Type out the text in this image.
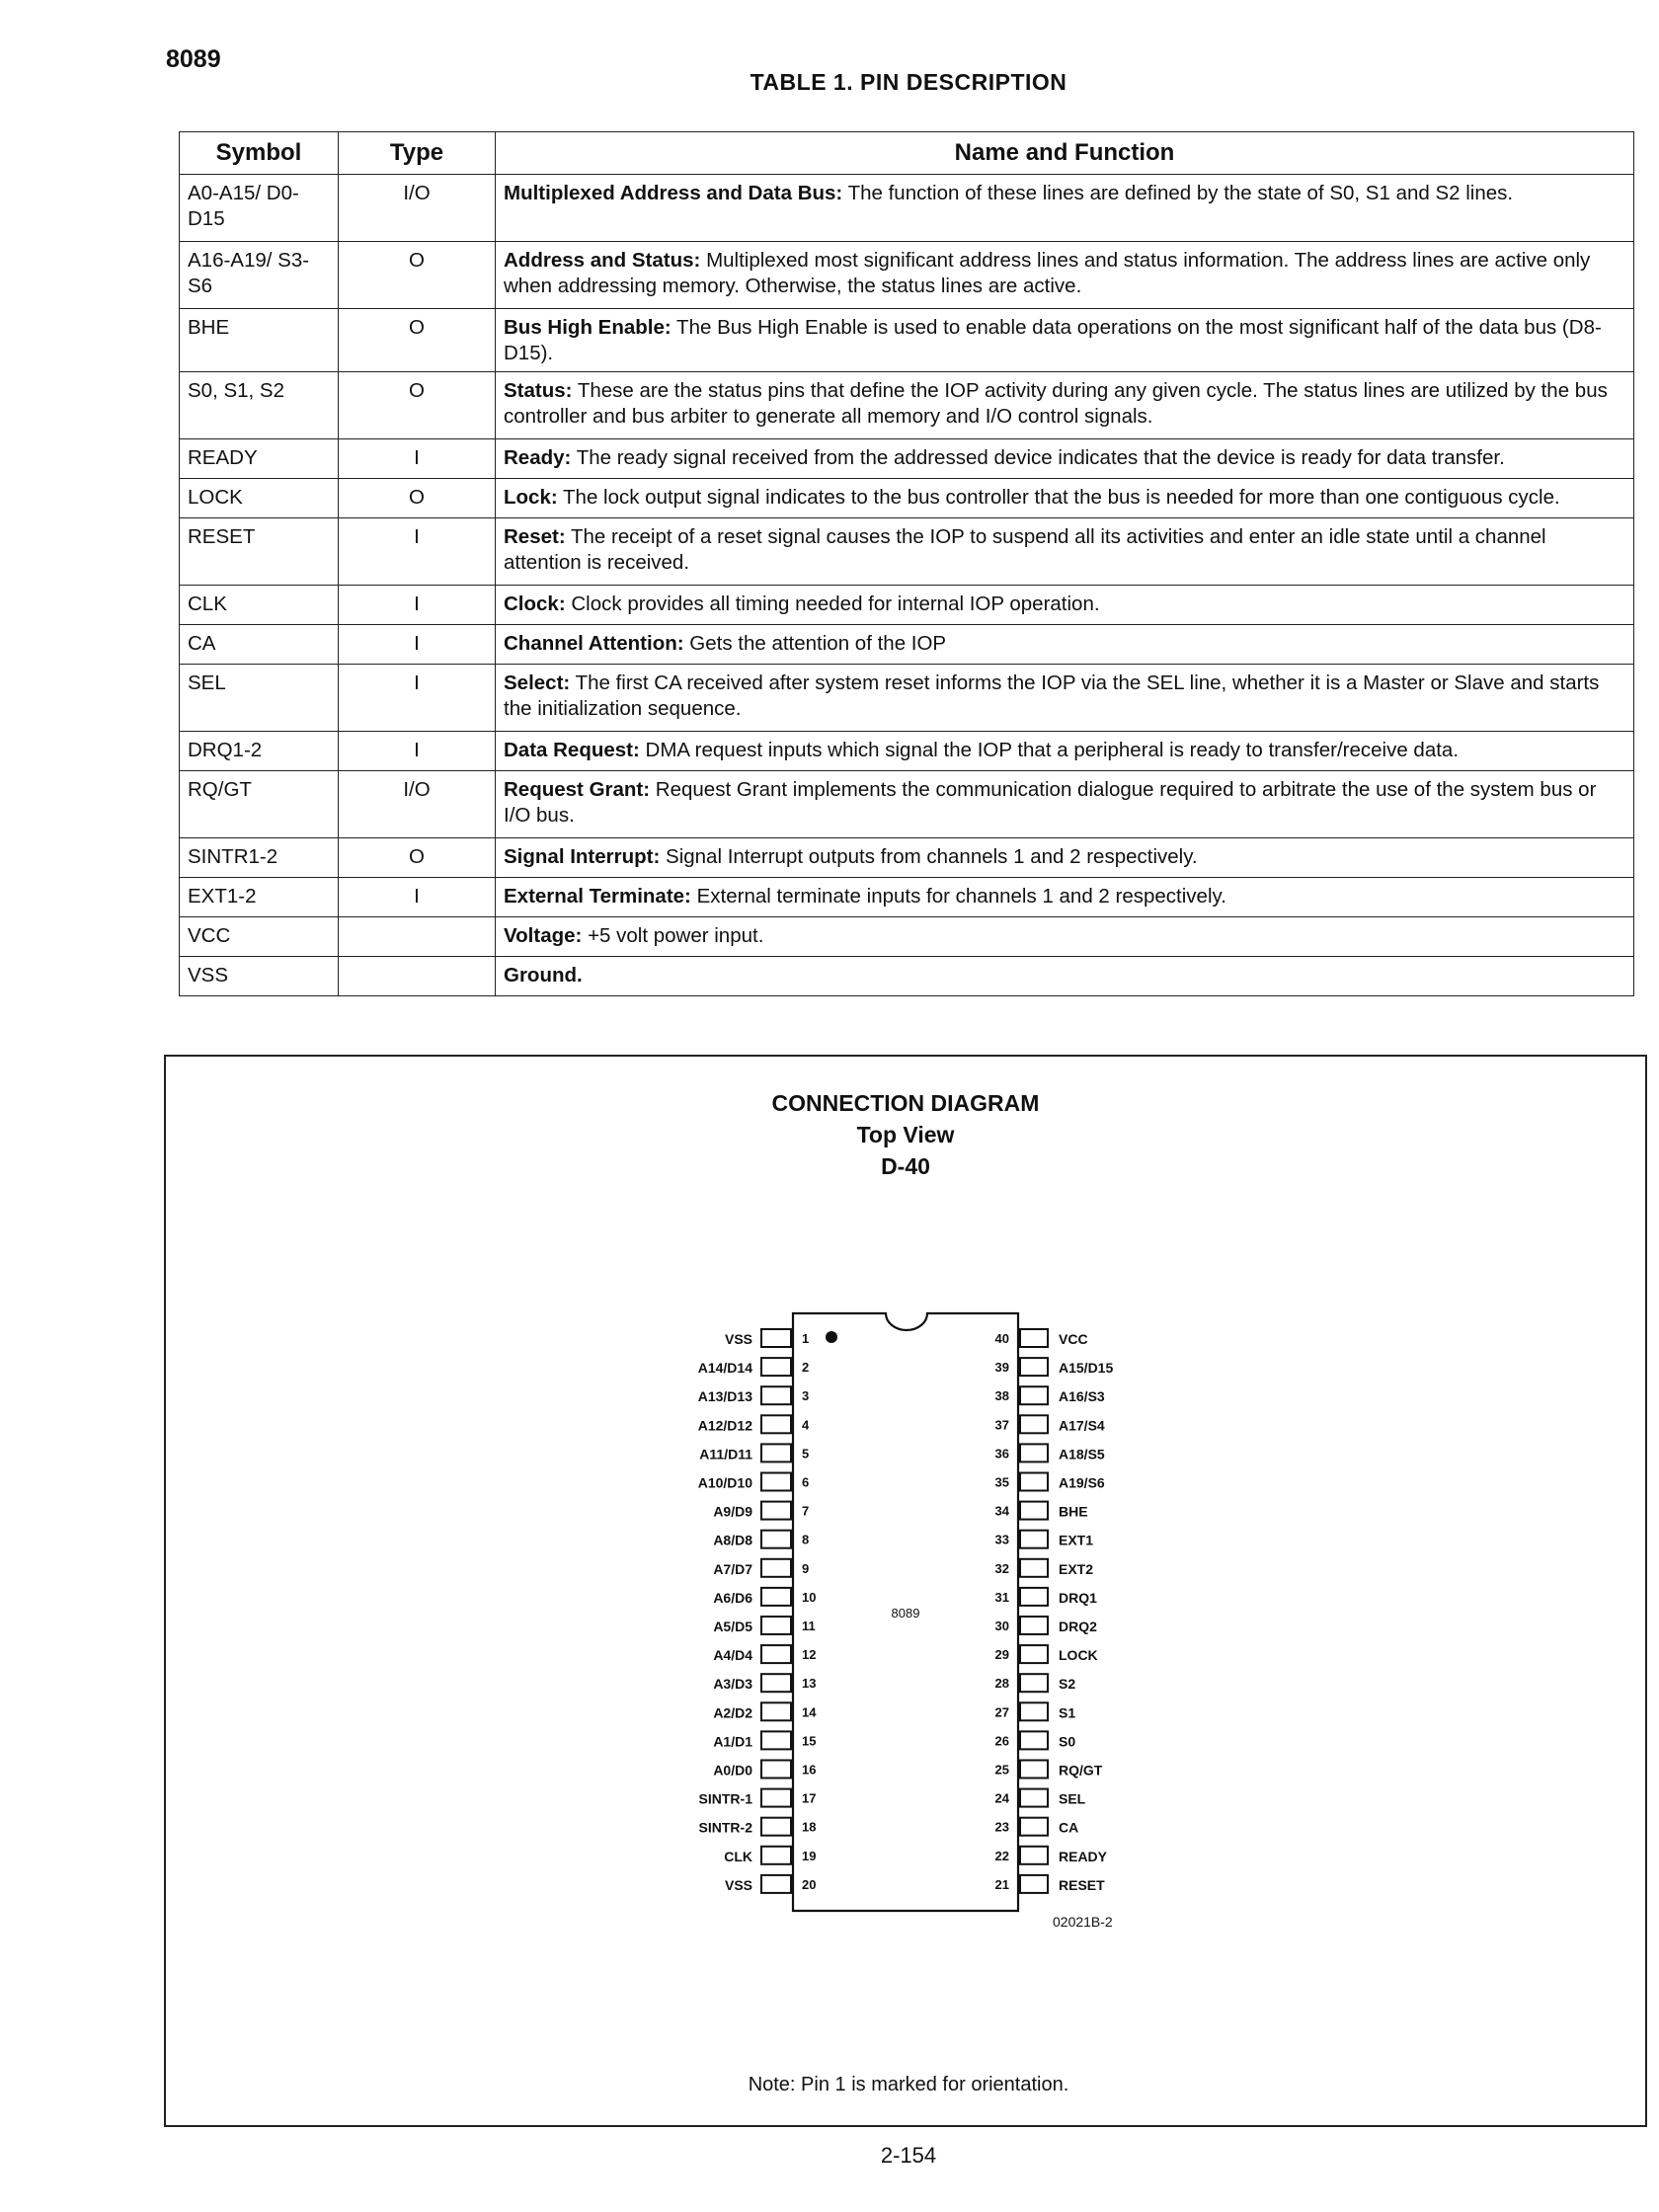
8089
TABLE 1. PIN DESCRIPTION
Symbol	Type	Name and Function
A0-A15/ D0-D15	I/O	Multiplexed Address and Data Bus: The function of these lines are defined by the state of S0, S1 and S2 lines.
A16-A19/ S3-S6	O	Address and Status: Multiplexed most significant address lines and status information. The address lines are active only when addressing memory. Otherwise, the status lines are active.
BHE	O	Bus High Enable: The Bus High Enable is used to enable data operations on the most significant half of the data bus (D8-D15).
S0, S1, S2	O	Status: These are the status pins that define the IOP activity during any given cycle. The status lines are utilized by the bus controller and bus arbiter to generate all memory and I/O control signals.
READY	I	Ready: The ready signal received from the addressed device indicates that the device is ready for data transfer.
LOCK	O	Lock: The lock output signal indicates to the bus controller that the bus is needed for more than one contiguous cycle.
RESET	I	Reset: The receipt of a reset signal causes the IOP to suspend all its activities and enter an idle state until a channel attention is received.
CLK	I	Clock: Clock provides all timing needed for internal IOP operation.
CA	I	Channel Attention: Gets the attention of the IOP
SEL	I	Select: The first CA received after system reset informs the IOP via the SEL line, whether it is a Master or Slave and starts the initialization sequence.
DRQ1-2	I	Data Request: DMA request inputs which signal the IOP that a peripheral is ready to transfer/receive data.
RQ/GT	I/O	Request Grant: Request Grant implements the communication dialogue required to arbitrate the use of the system bus or I/O bus.
SINTR1-2	O	Signal Interrupt: Signal Interrupt outputs from channels 1 and 2 respectively.
EXT1-2	I	External Terminate: External terminate inputs for channels 1 and 2 respectively.
VCC		Voltage: +5 volt power input.
VSS		Ground.
CONNECTION DIAGRAM
Top View
D-40
8089
1
VSS
2
A14/D14
3
A13/D13
4
A12/D12
5
A11/D11
6
A10/D10
7
A9/D9
8
A8/D8
9
A7/D7
10
A6/D6
11
A5/D5
12
A4/D4
13
A3/D3
14
A2/D2
15
A1/D1
16
A0/D0
17
SINTR-1
18
SINTR-2
19
CLK
20
VSS
40	VCC
39	A15/D15
38	A16/S3
37	A17/S4
36	A18/S5
35	A19/S6
34	BHE
33	EXT1
32	EXT2
31	DRQ1
30	DRQ2
29	LOCK
28	S2
27	S1
26	S0
25	RQ/GT
24	SEL
23	CA
22	READY
21	RESET
02021B-2
Note: Pin 1 is marked for orientation.
2-154
